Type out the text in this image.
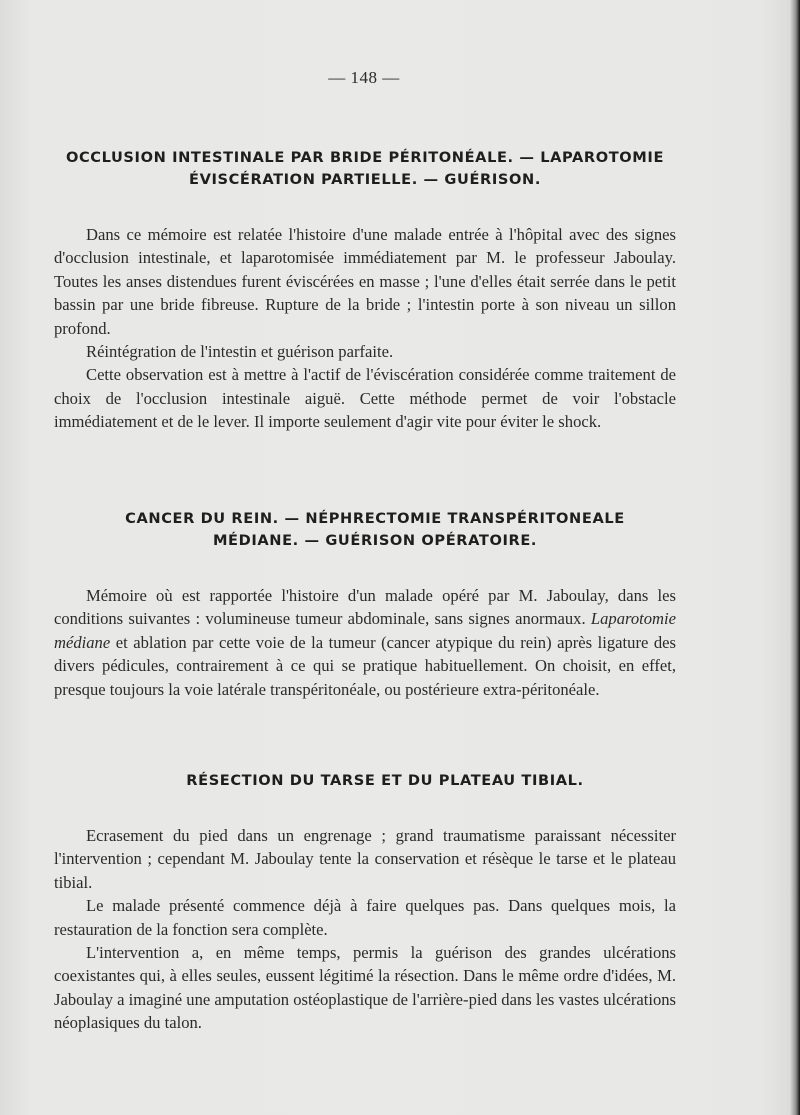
— 148 —
OCCLUSION INTESTINALE PAR BRIDE PÉRITONÉALE. — LAPAROTOMIE
ÉVISCÉRATION PARTIELLE. — GUÉRISON.

Dans ce mémoire est relatée l'histoire d'une malade entrée à l'hôpital avec des signes d'occlusion intestinale, et laparotomisée immédiatement par M. le professeur Jaboulay. Toutes les anses distendues furent éviscérées en masse ; l'une d'elles était serrée dans le petit bassin par une bride fibreuse. Rupture de la bride ; l'intestin porte à son niveau un sillon profond.

Réintégration de l'intestin et guérison parfaite.

Cette observation est à mettre à l'actif de l'éviscération considérée comme traitement de choix de l'occlusion intestinale aiguë. Cette méthode permet de voir l'obstacle immédiatement et de le lever. Il importe seulement d'agir vite pour éviter le shock.

CANCER DU REIN. — NÉPHRECTOMIE TRANSPÉRITONEALE
MÉDIANE. — GUÉRISON OPÉRATOIRE.

Mémoire où est rapportée l'histoire d'un malade opéré par M. Jaboulay, dans les conditions suivantes : volumineuse tumeur abdominale, sans signes anormaux. Laparotomie médiane et ablation par cette voie de la tumeur (cancer atypique du rein) après ligature des divers pédicules, contrairement à ce qui se pratique habituellement. On choisit, en effet, presque toujours la voie latérale transpéritonéale, ou postérieure extra-péritonéale.

RÉSECTION DU TARSE ET DU PLATEAU TIBIAL.

Ecrasement du pied dans un engrenage ; grand traumatisme paraissant nécessiter l'intervention ; cependant M. Jaboulay tente la conservation et résèque le tarse et le plateau tibial.

Le malade présenté commence déjà à faire quelques pas. Dans quelques mois, la restauration de la fonction sera complète.

L'intervention a, en même temps, permis la guérison des grandes ulcérations coexistantes qui, à elles seules, eussent légitimé la résection. Dans le même ordre d'idées, M. Jaboulay a imaginé une amputation ostéoplastique de l'arrière-pied dans les vastes ulcérations néoplasiques du talon.
